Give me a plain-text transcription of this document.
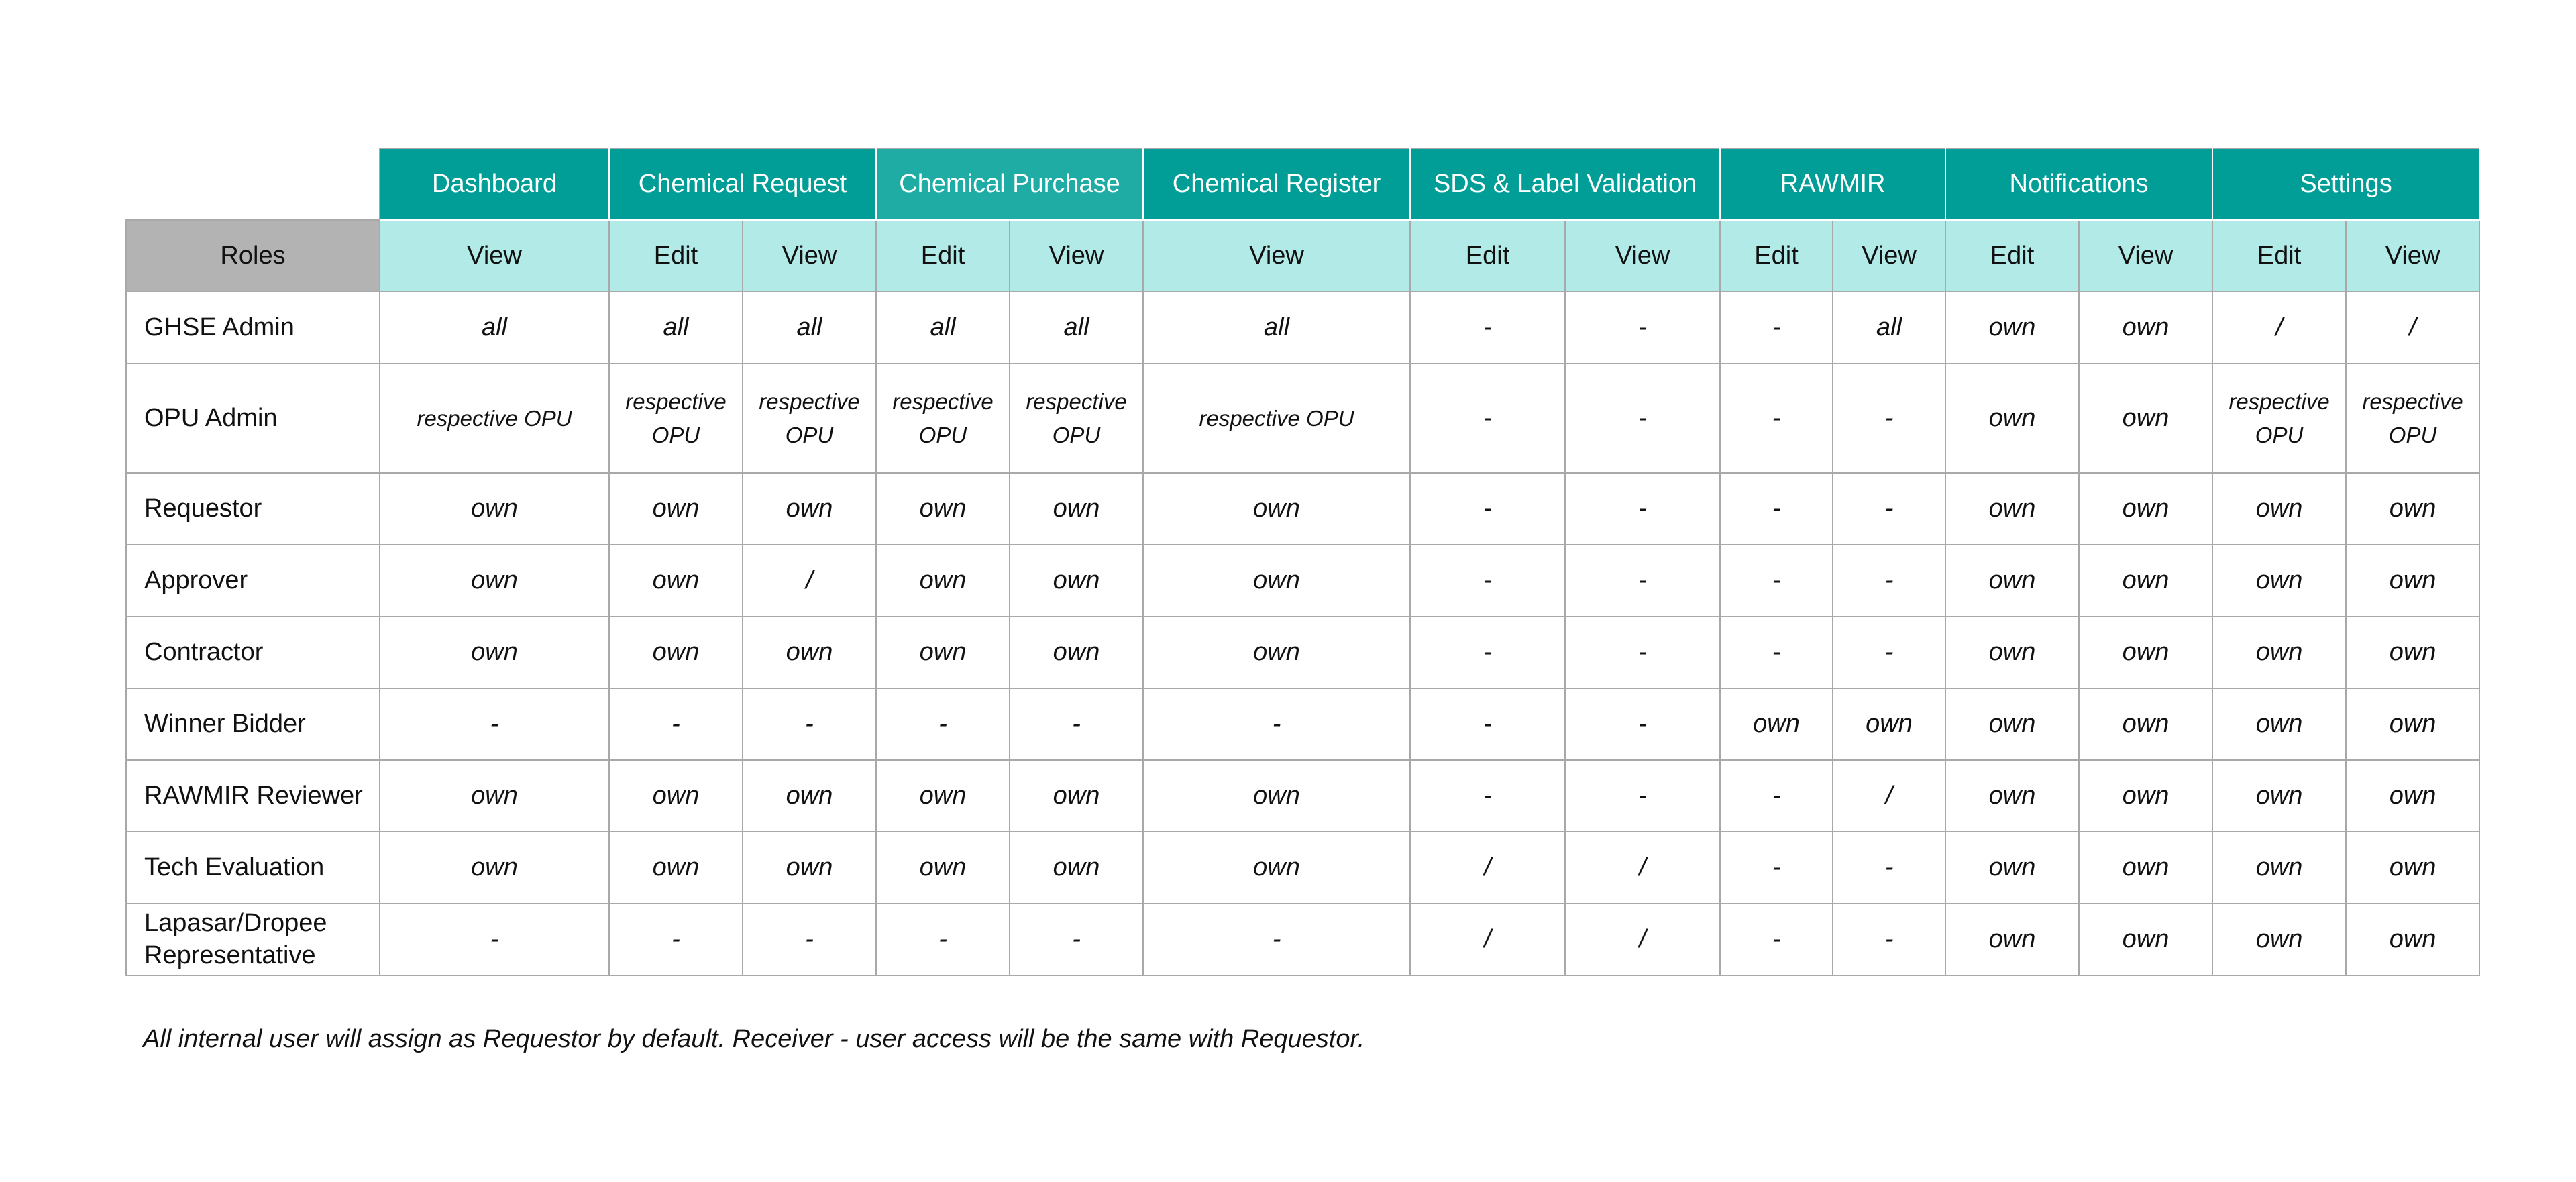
	Dashboard	Chemical Request		Chemical Purchase		Chemical Register	SDS & Label Validation		RAWMIR		Notifications		Settings	
Roles	View	Edit	View	Edit	View	View	Edit	View	Edit	View	Edit	View	Edit	View
GHSE Admin	all	all	all	all	all	all	-	-	-	all	own	own	/	/
OPU Admin	respective OPU	respective OPU	respective OPU	respective OPU	respective OPU	respective OPU	-	-	-	-	own	own	respective OPU	respective OPU
Requestor	own	own	own	own	own	own	-	-	-	-	own	own	own	own
Approver	own	own	/	own	own	own	-	-	-	-	own	own	own	own
Contractor	own	own	own	own	own	own	-	-	-	-	own	own	own	own
Winner Bidder	-	-	-	-	-	-	-	-	own	own	own	own	own	own
RAWMIR Reviewer	own	own	own	own	own	own	-	-	-	/	own	own	own	own
Tech Evaluation	own	own	own	own	own	own	/	/	-	-	own	own	own	own
Lapasar/Dropee Representative	-	-	-	-	-	-	/	/	-	-	own	own	own	own
All internal user will assign as Requestor by default. Receiver - user access will be the same with Requestor.
